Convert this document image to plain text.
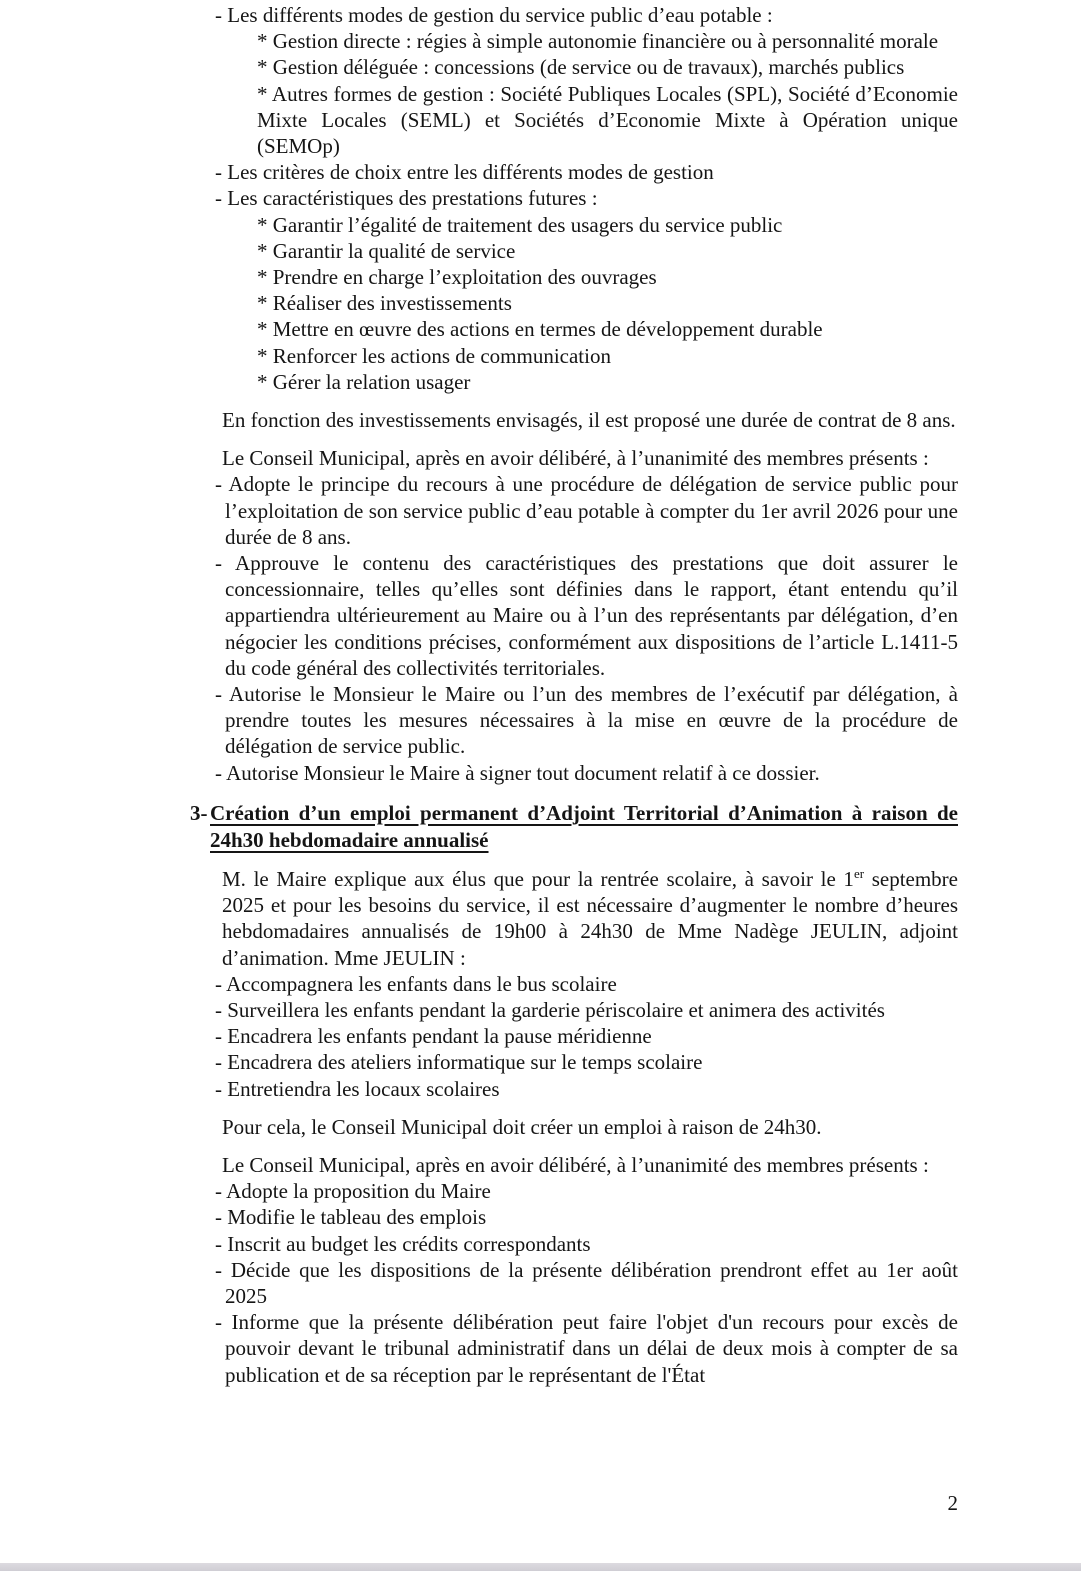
- Les différents modes de gestion du service public d’eau potable :
* Gestion directe : régies à simple autonomie financière ou à personnalité morale
* Gestion déléguée : concessions (de service ou de travaux), marchés publics
* Autres formes de gestion : Société Publiques Locales (SPL), Société d’Economie Mixte Locales (SEML) et Sociétés d’Economie Mixte à Opération unique (SEMOp)
- Les critères de choix entre les différents modes de gestion
- Les caractéristiques des prestations futures :
* Garantir l’égalité de traitement des usagers du service public
* Garantir la qualité de service
* Prendre en charge l’exploitation des ouvrages
* Réaliser des investissements
* Mettre en œuvre des actions en termes de développement durable
* Renforcer les actions de communication
* Gérer la relation usager
En fonction des investissements envisagés, il est proposé une durée de contrat de 8 ans.
Le Conseil Municipal, après en avoir délibéré, à l’unanimité des membres présents :
- Adopte le principe du recours à une procédure de délégation de service public pour l’exploitation de son service public d’eau potable à compter du 1er avril 2026 pour une durée de 8 ans.
- Approuve le contenu des caractéristiques des prestations que doit assurer le concessionnaire, telles qu’elles sont définies dans le rapport, étant entendu qu’il appartiendra ultérieurement au Maire ou à l’un des représentants par délégation, d’en négocier les conditions précises, conformément aux dispositions de l’article L.1411-5 du code général des collectivités territoriales.
- Autorise le Monsieur le Maire ou l’un des membres de l’exécutif par délégation, à prendre toutes les mesures nécessaires à la mise en œuvre de la procédure de délégation de service public.
- Autorise Monsieur le Maire à signer tout document relatif à ce dossier.
3- Création d’un emploi permanent d’Adjoint Territorial d’Animation à raison de 24h30 hebdomadaire annualisé
M. le Maire explique aux élus que pour la rentrée scolaire, à savoir le 1er septembre 2025 et pour les besoins du service, il est nécessaire d’augmenter le nombre d’heures hebdomadaires annualisés de 19h00 à 24h30 de Mme Nadège JEULIN, adjoint d’animation. Mme JEULIN :
- Accompagnera les enfants dans le bus scolaire
- Surveillera les enfants pendant la garderie périscolaire et animera des activités
- Encadrera les enfants pendant la pause méridienne
- Encadrera des ateliers informatique sur le temps scolaire
- Entretiendra les locaux scolaires
Pour cela, le Conseil Municipal doit créer un emploi à raison de 24h30.
Le Conseil Municipal, après en avoir délibéré, à l’unanimité des membres présents :
- Adopte la proposition du Maire
- Modifie le tableau des emplois
- Inscrit au budget les crédits correspondants
- Décide que les dispositions de la présente délibération prendront effet au 1er août 2025
- Informe que la présente délibération peut faire l'objet d'un recours pour excès de pouvoir devant le tribunal administratif dans un délai de deux mois à compter de sa publication et de sa réception par le représentant de l'État
2
